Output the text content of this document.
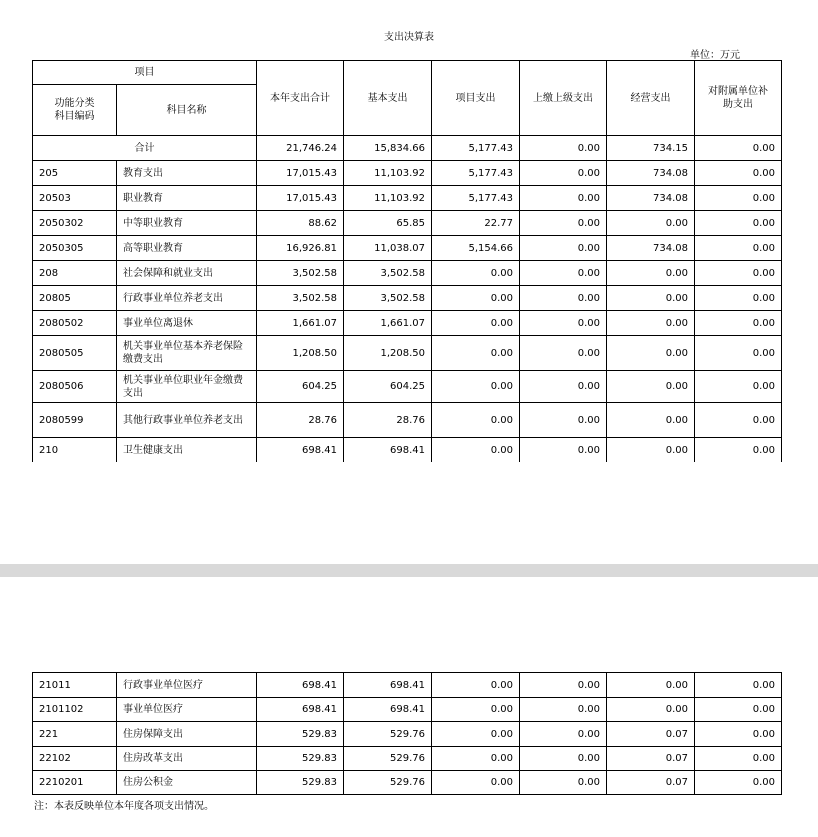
支出决算表
单位：万元
项目		本年支出合计	基本支出	项目支出	上缴上级支出	经营支出	对附属单位补
助支出
功能分类
科目编码	科目名称						
合计		21,746.24	15,834.66	5,177.43	0.00	734.15	0.00
205	教育支出	17,015.43	11,103.92	5,177.43	0.00	734.08	0.00
20503	职业教育	17,015.43	11,103.92	5,177.43	0.00	734.08	0.00
2050302	中等职业教育	88.62	65.85	22.77	0.00	0.00	0.00
2050305	高等职业教育	16,926.81	11,038.07	5,154.66	0.00	734.08	0.00
208	社会保障和就业支出	3,502.58	3,502.58	0.00	0.00	0.00	0.00
20805	行政事业单位养老支出	3,502.58	3,502.58	0.00	0.00	0.00	0.00
2080502	事业单位离退休	1,661.07	1,661.07	0.00	0.00	0.00	0.00
2080505	机关事业单位基本养老保险缴费支出	1,208.50	1,208.50	0.00	0.00	0.00	0.00
2080506	机关事业单位职业年金缴费支出	604.25	604.25	0.00	0.00	0.00	0.00
2080599	其他行政事业单位养老支出	28.76	28.76	0.00	0.00	0.00	0.00
210	卫生健康支出	698.41	698.41	0.00	0.00	0.00	0.00
21011	行政事业单位医疗	698.41	698.41	0.00	0.00	0.00	0.00
2101102	事业单位医疗	698.41	698.41	0.00	0.00	0.00	0.00
221	住房保障支出	529.83	529.76	0.00	0.00	0.07	0.00
22102	住房改革支出	529.83	529.76	0.00	0.00	0.07	0.00
2210201	住房公积金	529.83	529.76	0.00	0.00	0.07	0.00
注：本表反映单位本年度各项支出情况。
